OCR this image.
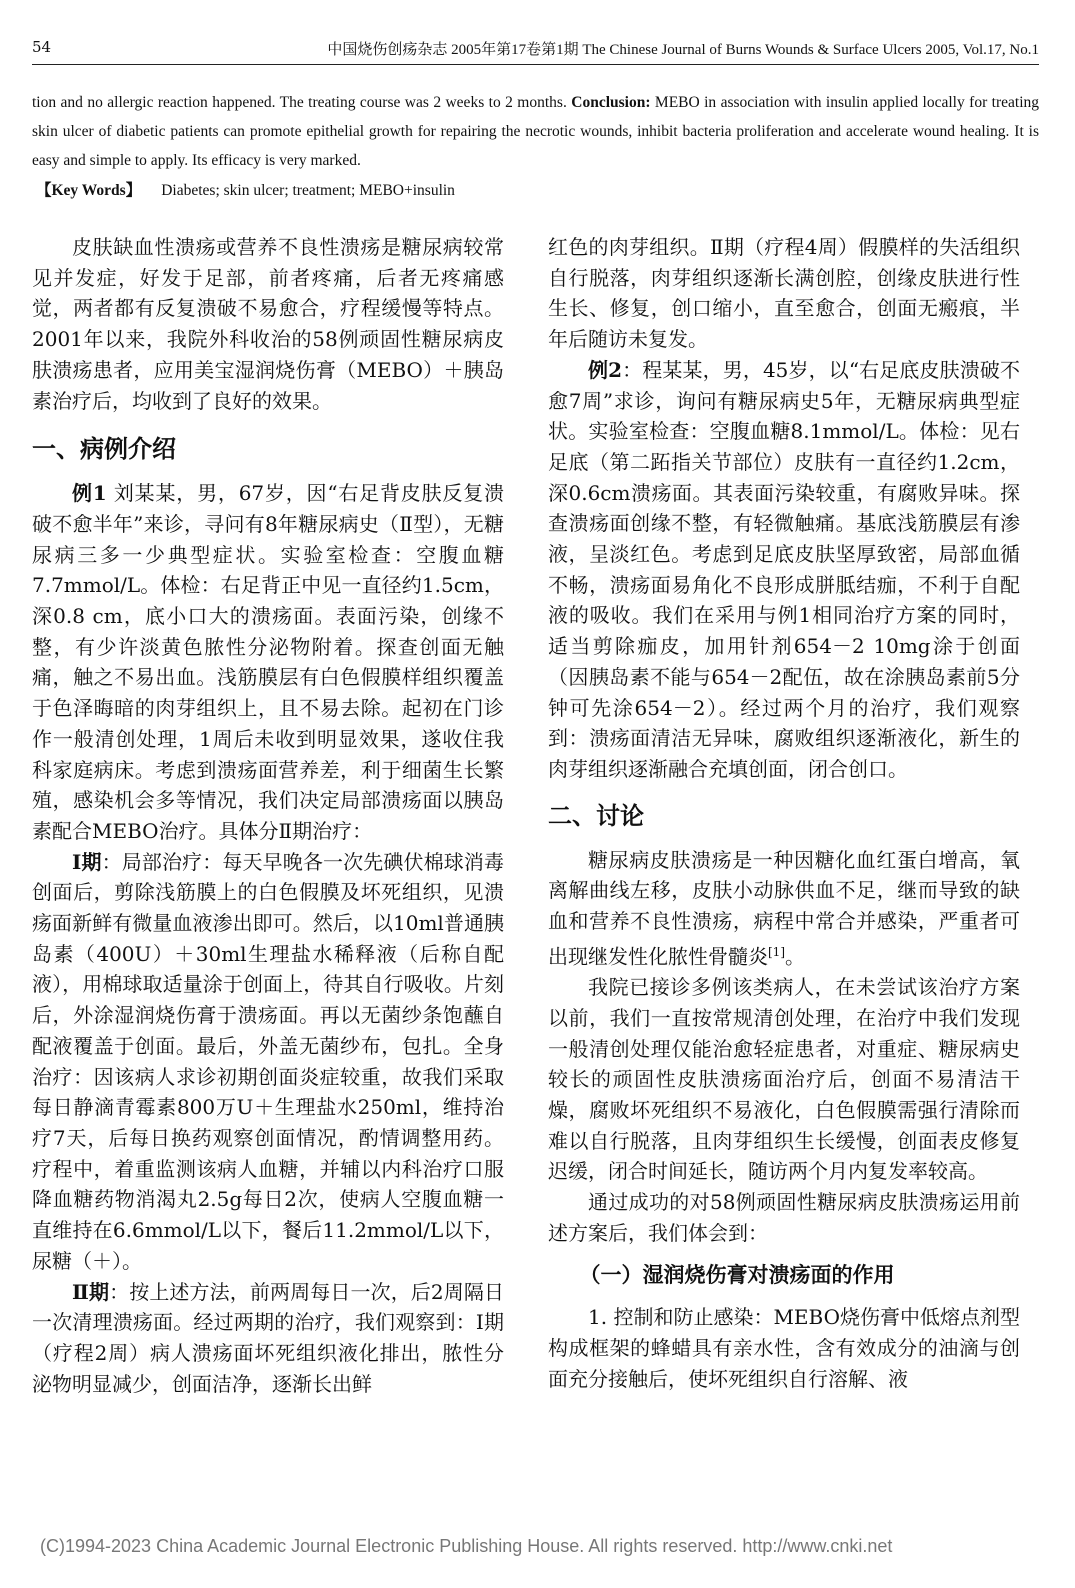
54	中国烧伤创疡杂志 2005年第17卷第1期 The Chinese Journal of Burns Wounds & Surface Ulcers 2005, Vol.17, No.1
tion and no allergic reaction happened. The treating course was 2 weeks to 2 months. Conclusion: MEBO in association with insulin applied locally for treating skin ulcer of diabetic patients can promote epithelial growth for repairing the necrotic wounds, inhibit bacteria proliferation and accelerate wound healing. It is easy and simple to apply. Its efficacy is very marked.
【Key Words】 Diabetes; skin ulcer; treatment; MEBO+insulin

皮肤缺血性溃疡或营养不良性溃疡是糖尿病较常见并发症，好发于足部，前者疼痛，后者无疼痛感觉，两者都有反复溃破不易愈合，疗程缓慢等特点。2001年以来，我院外科收治的58例顽固性糖尿病皮肤溃疡患者，应用美宝湿润烧伤膏（MEBO）＋胰岛素治疗后，均收到了良好的效果。

一、病例介绍

例1 刘某某，男，67岁，因“右足背皮肤反复溃破不愈半年”来诊，寻问有8年糖尿病史（Ⅱ型），无糖尿病三多一少典型症状。实验室检查：空腹血糖7.7mmol/L。体检：右足背正中见一直径约1.5cm，深0.8 cm，底小口大的溃疡面。表面污染，创缘不整，有少许淡黄色脓性分泌物附着。探查创面无触痛，触之不易出血。浅筋膜层有白色假膜样组织覆盖于色泽晦暗的肉芽组织上，且不易去除。起初在门诊作一般清创处理，1周后未收到明显效果，遂收住我科家庭病床。考虑到溃疡面营养差，利于细菌生长繁殖，感染机会多等情况，我们决定局部溃疡面以胰岛素配合MEBO治疗。具体分Ⅱ期治疗：

Ⅰ期：局部治疗：每天早晚各一次先碘伏棉球消毒创面后，剪除浅筋膜上的白色假膜及坏死组织，见溃疡面新鲜有微量血液渗出即可。然后，以10ml普通胰岛素（400U）＋30ml生理盐水稀释液（后称自配液），用棉球取适量涂于创面上，待其自行吸收。片刻后，外涂湿润烧伤膏于溃疡面。再以无菌纱条饱蘸自配液覆盖于创面。最后，外盖无菌纱布，包扎。全身治疗：因该病人求诊初期创面炎症较重，故我们采取每日静滴青霉素800万U＋生理盐水250ml，维持治疗7天，后每日换药观察创面情况，酌情调整用药。疗程中，着重监测该病人血糖，并辅以内科治疗口服降血糖药物消渴丸2.5g每日2次，使病人空腹血糖一直维持在6.6mmol/L以下，餐后11.2mmol/L以下，尿糖（＋）。

Ⅱ期：按上述方法，前两周每日一次，后2周隔日一次清理溃疡面。经过两期的治疗，我们观察到：Ⅰ期（疗程2周）病人溃疡面坏死组织液化排出，脓性分泌物明显减少，创面洁净，逐渐长出鲜

红色的肉芽组织。Ⅱ期（疗程4周）假膜样的失活组织自行脱落，肉芽组织逐渐长满创腔，创缘皮肤进行性生长、修复，创口缩小，直至愈合，创面无瘢痕，半年后随访未复发。

例2：程某某，男，45岁，以“右足底皮肤溃破不愈7周”求诊，询问有糖尿病史5年，无糖尿病典型症状。实验室检查：空腹血糖8.1mmol/L。体检：见右足底（第二跖指关节部位）皮肤有一直径约1.2cm，深0.6cm溃疡面。其表面污染较重，有腐败异味。探查溃疡面创缘不整，有轻微触痛。基底浅筋膜层有渗液，呈淡红色。考虑到足底皮肤坚厚致密，局部血循不畅，溃疡面易角化不良形成胼胝结痂，不利于自配液的吸收。我们在采用与例1相同治疗方案的同时，适当剪除痂皮，加用针剂654－2 10mg涂于创面（因胰岛素不能与654－2配伍，故在涂胰岛素前5分钟可先涂654－2）。经过两个月的治疗，我们观察到：溃疡面清洁无异味，腐败组织逐渐液化，新生的肉芽组织逐渐融合充填创面，闭合创口。

二、讨论

糖尿病皮肤溃疡是一种因糖化血红蛋白增高，氧离解曲线左移，皮肤小动脉供血不足，继而导致的缺血和营养不良性溃疡，病程中常合并感染，严重者可出现继发性化脓性骨髓炎[1]。

我院已接诊多例该类病人，在未尝试该治疗方案以前，我们一直按常规清创处理，在治疗中我们发现一般清创处理仅能治愈轻症患者，对重症、糖尿病史较长的顽固性皮肤溃疡面治疗后，创面不易清洁干燥，腐败坏死组织不易液化，白色假膜需强行清除而难以自行脱落，且肉芽组织生长缓慢，创面表皮修复迟缓，闭合时间延长，随访两个月内复发率较高。

通过成功的对58例顽固性糖尿病皮肤溃疡运用前述方案后，我们体会到：

（一）湿润烧伤膏对溃疡面的作用

1. 控制和防止感染：MEBO烧伤膏中低熔点剂型构成框架的蜂蜡具有亲水性，含有效成分的油滴与创面充分接触后，使坏死组织自行溶解、液

(C)1994-2023 China Academic Journal Electronic Publishing House. All rights reserved. http://www.cnki.net
